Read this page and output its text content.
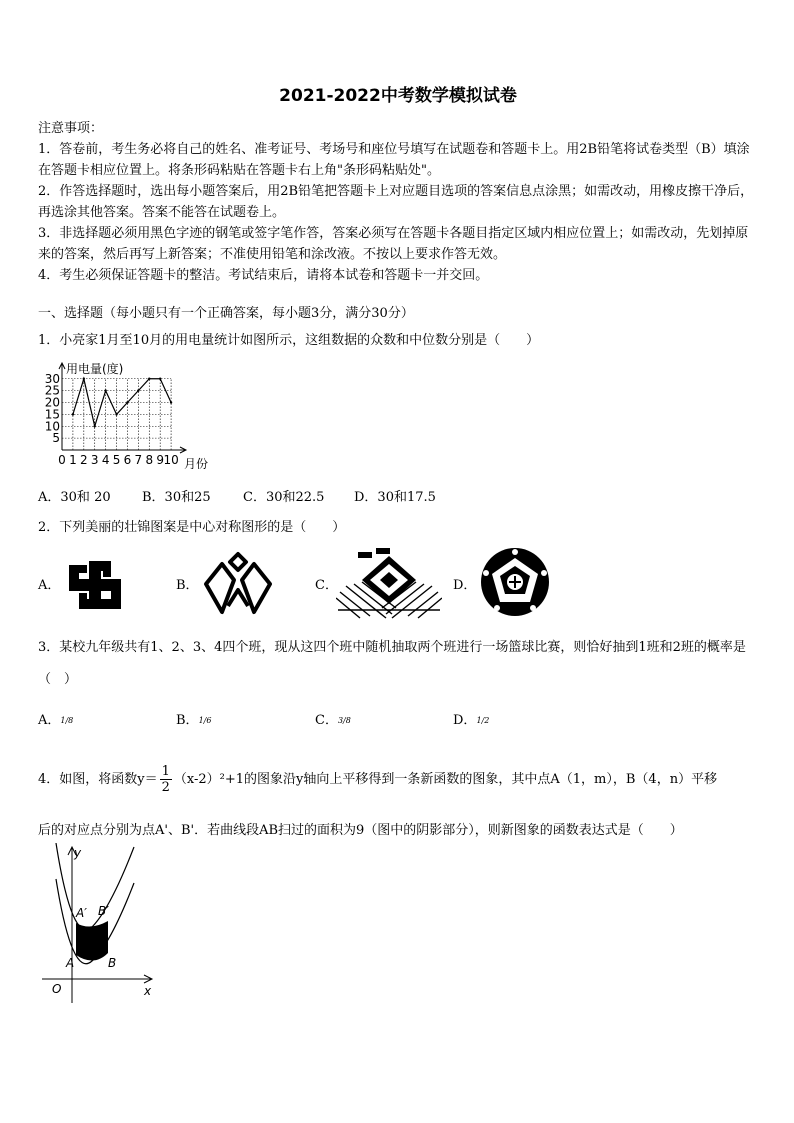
2021-2022中考数学模拟试卷

注意事项：

1．答卷前，考生务必将自己的姓名、准考证号、考场号和座位号填写在试题卷和答题卡上。用2B铅笔将试卷类型（B）填涂在答题卡相应位置上。将条形码粘贴在答题卡右上角"条形码粘贴处"。

2．作答选择题时，选出每小题答案后，用2B铅笔把答题卡上对应题目选项的答案信息点涂黑；如需改动，用橡皮擦干净后，再选涂其他答案。答案不能答在试题卷上。

3．非选择题必须用黑色字迹的钢笔或签字笔作答，答案必须写在答题卡各题目指定区域内相应位置上；如需改动，先划掉原来的答案，然后再写上新答案；不准使用铅笔和涂改液。不按以上要求作答无效。

4．考生必须保证答题卡的整洁。考试结束后，请将本试卷和答题卡一并交回。

一、选择题（每小题只有一个正确答案，每小题3分，满分30分）
1．小亮家1月至10月的用电量统计如图所示，这组数据的众数和中位数分别是（　　）
5
10
15
20
25
30
0 1 2 3 4 5 6 7 8 9 10
用电量(度)
月份
A．30和 20 B．30和25 C．30和22.5 D．30和17.5
2．下列美丽的壮锦图案是中心对称图形的是（　　）
A．	B．	C．	D．
3．某校九年级共有1、2、3、4四个班，现从这四个班中随机抽取两个班进行一场篮球比赛，则恰好抽到1班和2班的概率是（　）
A．1/8	B．1/6	C．3/8	D．1/2
4．如图，将函数$y= \frac{1}{2} (x-2)^2+1$的图象沿y轴向上平移得到一条新函数的图象，其中点A（1，m），B（4，n）平移
后的对应点分别为点A'、B'．若曲线段AB扫过的面积为9（图中的阴影部分），则新图象的函数表达式是（　　）
y
x
O
A	B
A′ B′
